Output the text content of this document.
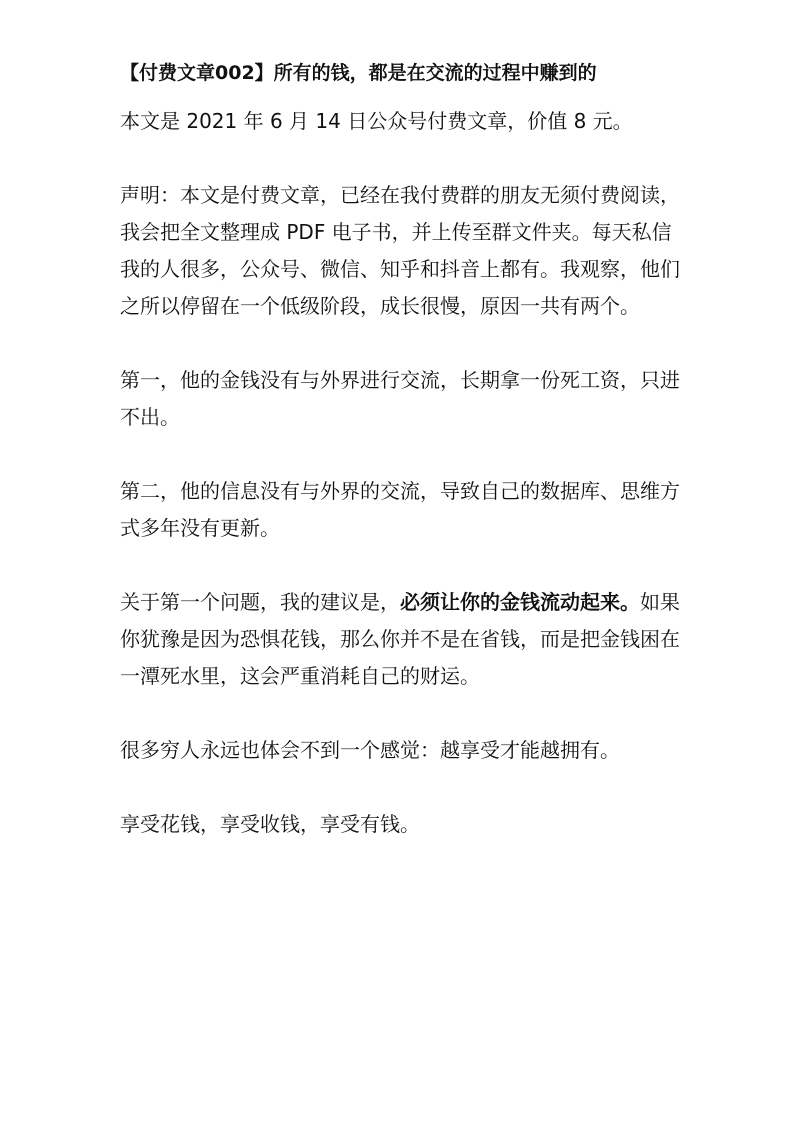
【付费文章002】所有的钱，都是在交流的过程中赚到的

本文是 2021 年 6 月 14 日公众号付费文章，价值 8 元。

声明：本文是付费文章，已经在我付费群的朋友无须付费阅读，我会把全文整理成 PDF 电子书，并上传至群文件夹。每天私信我的人很多，公众号、微信、知乎和抖音上都有。我观察，他们之所以停留在一个低级阶段，成长很慢，原因一共有两个。

第一，他的金钱没有与外界进行交流，长期拿一份死工资，只进不出。

第二，他的信息没有与外界的交流，导致自己的数据库、思维方式多年没有更新。

关于第一个问题，我的建议是，必须让你的金钱流动起来。如果你犹豫是因为恐惧花钱，那么你并不是在省钱，而是把金钱困在一潭死水里，这会严重消耗自己的财运。

很多穷人永远也体会不到一个感觉：越享受才能越拥有。

享受花钱，享受收钱，享受有钱。
